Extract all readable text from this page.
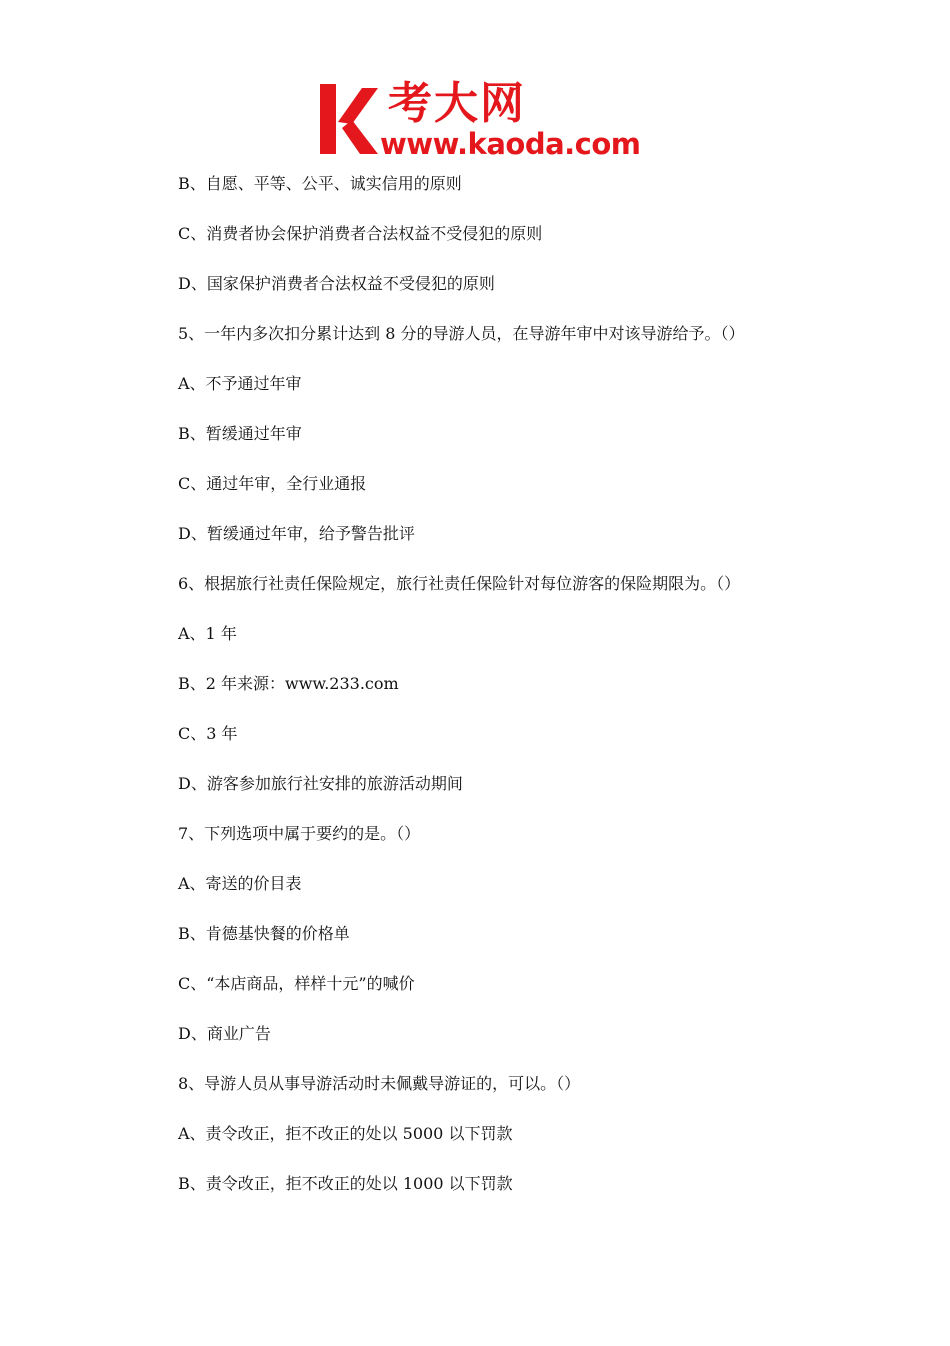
考大网
www.kaoda.com
B、自愿、平等、公平、诚实信用的原则
C、消费者协会保护消费者合法权益不受侵犯的原则
D、国家保护消费者合法权益不受侵犯的原则
5、一年内多次扣分累计达到 8 分的导游人员，在导游年审中对该导游给予。（）
A、不予通过年审
B、暂缓通过年审
C、通过年审，全行业通报
D、暂缓通过年审，给予警告批评
6、根据旅行社责任保险规定，旅行社责任保险针对每位游客的保险期限为。（）
A、1 年
B、2 年来源：www.233.com
C、3 年
D、游客参加旅行社安排的旅游活动期间
7、下列选项中属于要约的是。（）
A、寄送的价目表
B、肯德基快餐的价格单
C、“本店商品，样样十元”的喊价
D、商业广告
8、导游人员从事导游活动时未佩戴导游证的，可以。（）
A、责令改正，拒不改正的处以 5000 以下罚款
B、责令改正，拒不改正的处以 1000 以下罚款
